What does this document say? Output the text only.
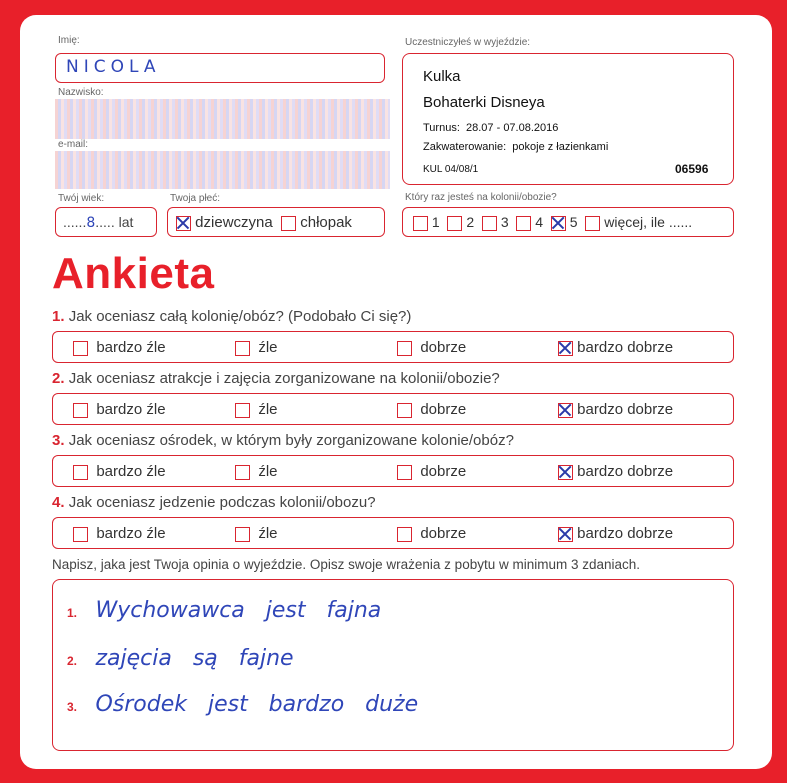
Imię:
NICOLA
Nazwisko:
e-mail:
Twój wiek:
......8..... lat
Twoja płeć:
dziewczyna chłopak
Uczestniczyłeś w wyjeździe:
Kulka
Bohaterki Disneya
Turnus: 28.07 - 07.08.2016
Zakwaterowanie: pokoje z łazienkami
KUL 04/08/1	06596
Który raz jesteś na kolonii/obozie?
1 2 3 4 5 więcej, ile ......
Ankieta
1. Jak oceniasz całą kolonię/obóz? (Podobało Ci się?)
bardzo źle	źle	dobrze	bardzo dobrze
2. Jak oceniasz atrakcje i zajęcia zorganizowane na kolonii/obozie?
bardzo źle	źle	dobrze	bardzo dobrze
3. Jak oceniasz ośrodek, w którym były zorganizowane kolonie/obóz?
bardzo źle	źle	dobrze	bardzo dobrze
4. Jak oceniasz jedzenie podczas kolonii/obozu?
bardzo źle	źle	dobrze	bardzo dobrze
Napisz, jaka jest Twoja opinia o wyjeździe. Opisz swoje wrażenia z pobytu w minimum 3 zdaniach.
1. Wychowawca   jest   fajna
2. zajęcia   są   fajne
3. Ośrodek   jest   bardzo   duże
